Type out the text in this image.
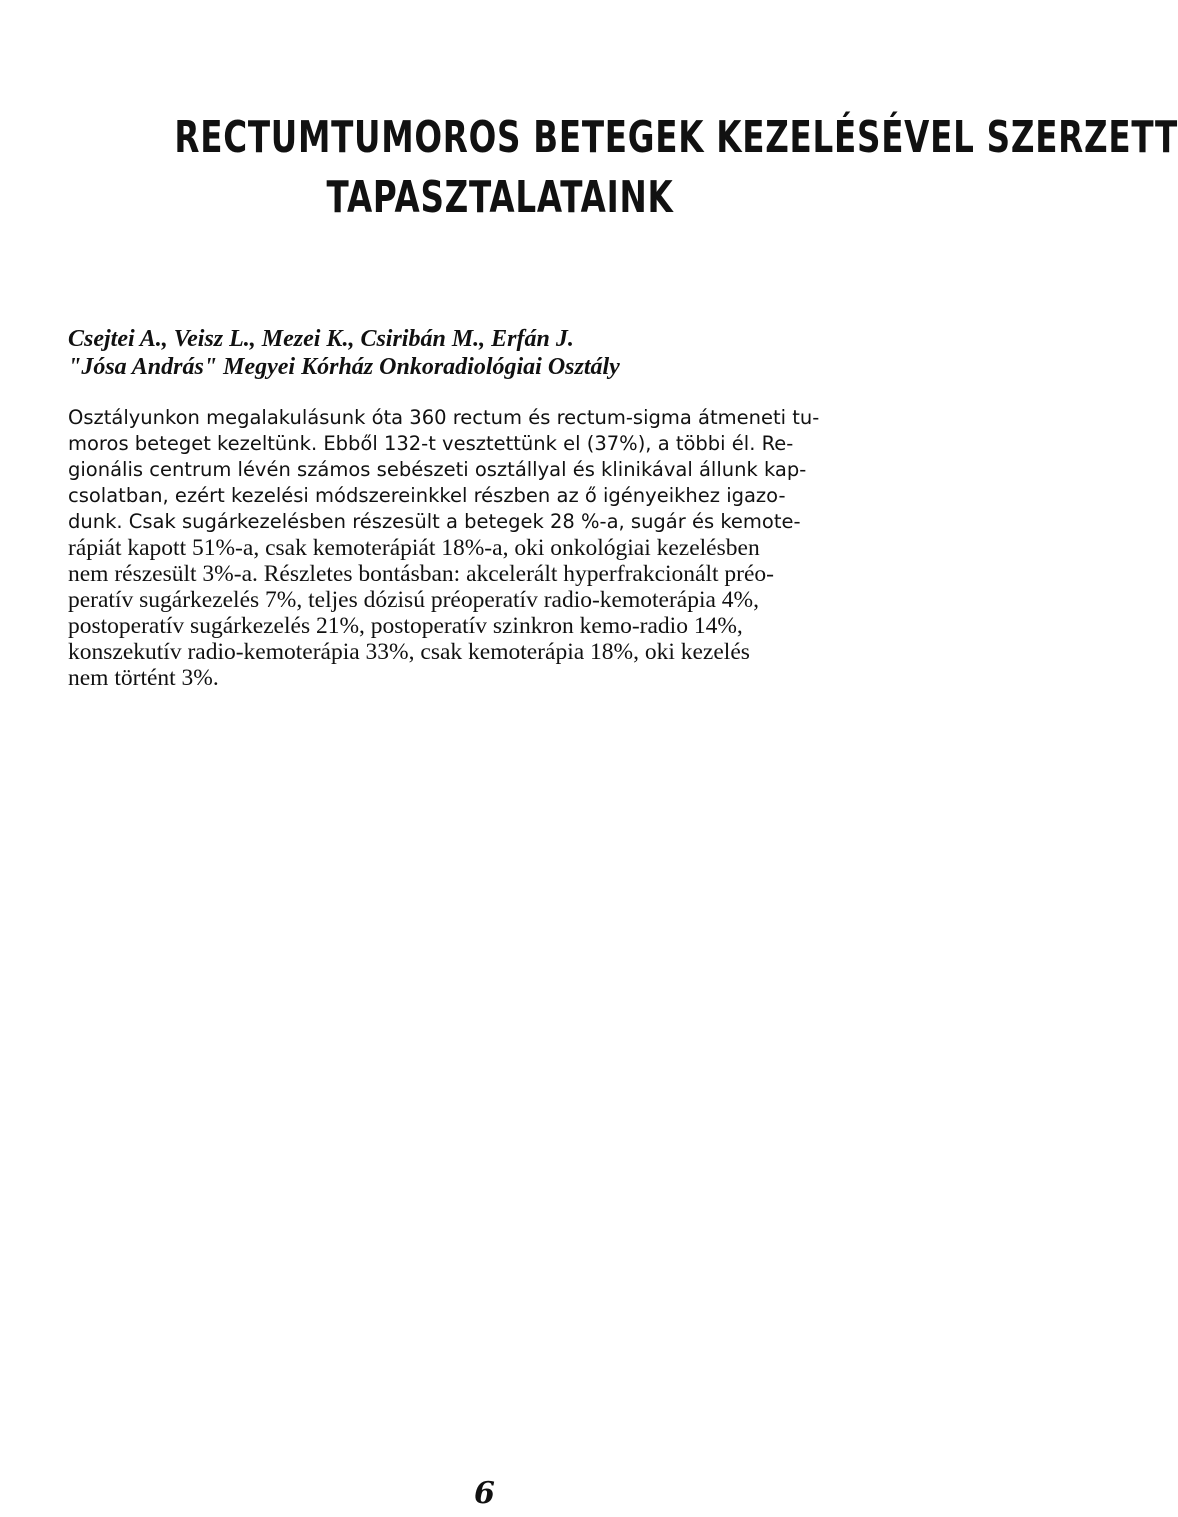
RECTUMTUMOROS BETEGEK KEZELÉSÉVEL SZERZETT
TAPASZTALATAINK
Csejtei A., Veisz L., Mezei K., Csiribán M., Erfán J.
"Jósa András" Megyei Kórház Onkoradiológiai Osztály
Osztályunkon megalakulásunk óta 360 rectum és rectum-sigma átmeneti tu-
moros beteget kezeltünk. Ebből 132-t vesztettünk el (37%), a többi él. Re-
gionális centrum lévén számos sebészeti osztállyal és klinikával állunk kap-
csolatban, ezért kezelési módszereinkkel részben az ő igényeikhez igazo-
dunk. Csak sugárkezelésben részesült a betegek 28 %-a, sugár és kemote-
rápiát kapott 51%-a, csak kemoterápiát 18%-a, oki onkológiai kezelésben
nem részesült 3%-a. Részletes bontásban: akcelerált hyperfrakcionált préo-
peratív sugárkezelés 7%, teljes dózisú préoperatív radio-kemoterápia 4%,
postoperatív sugárkezelés 21%, postoperatív szinkron kemo-radio 14%,
konszekutív radio-kemoterápia 33%, csak kemoterápia 18%, oki kezelés
nem történt 3%.
6
